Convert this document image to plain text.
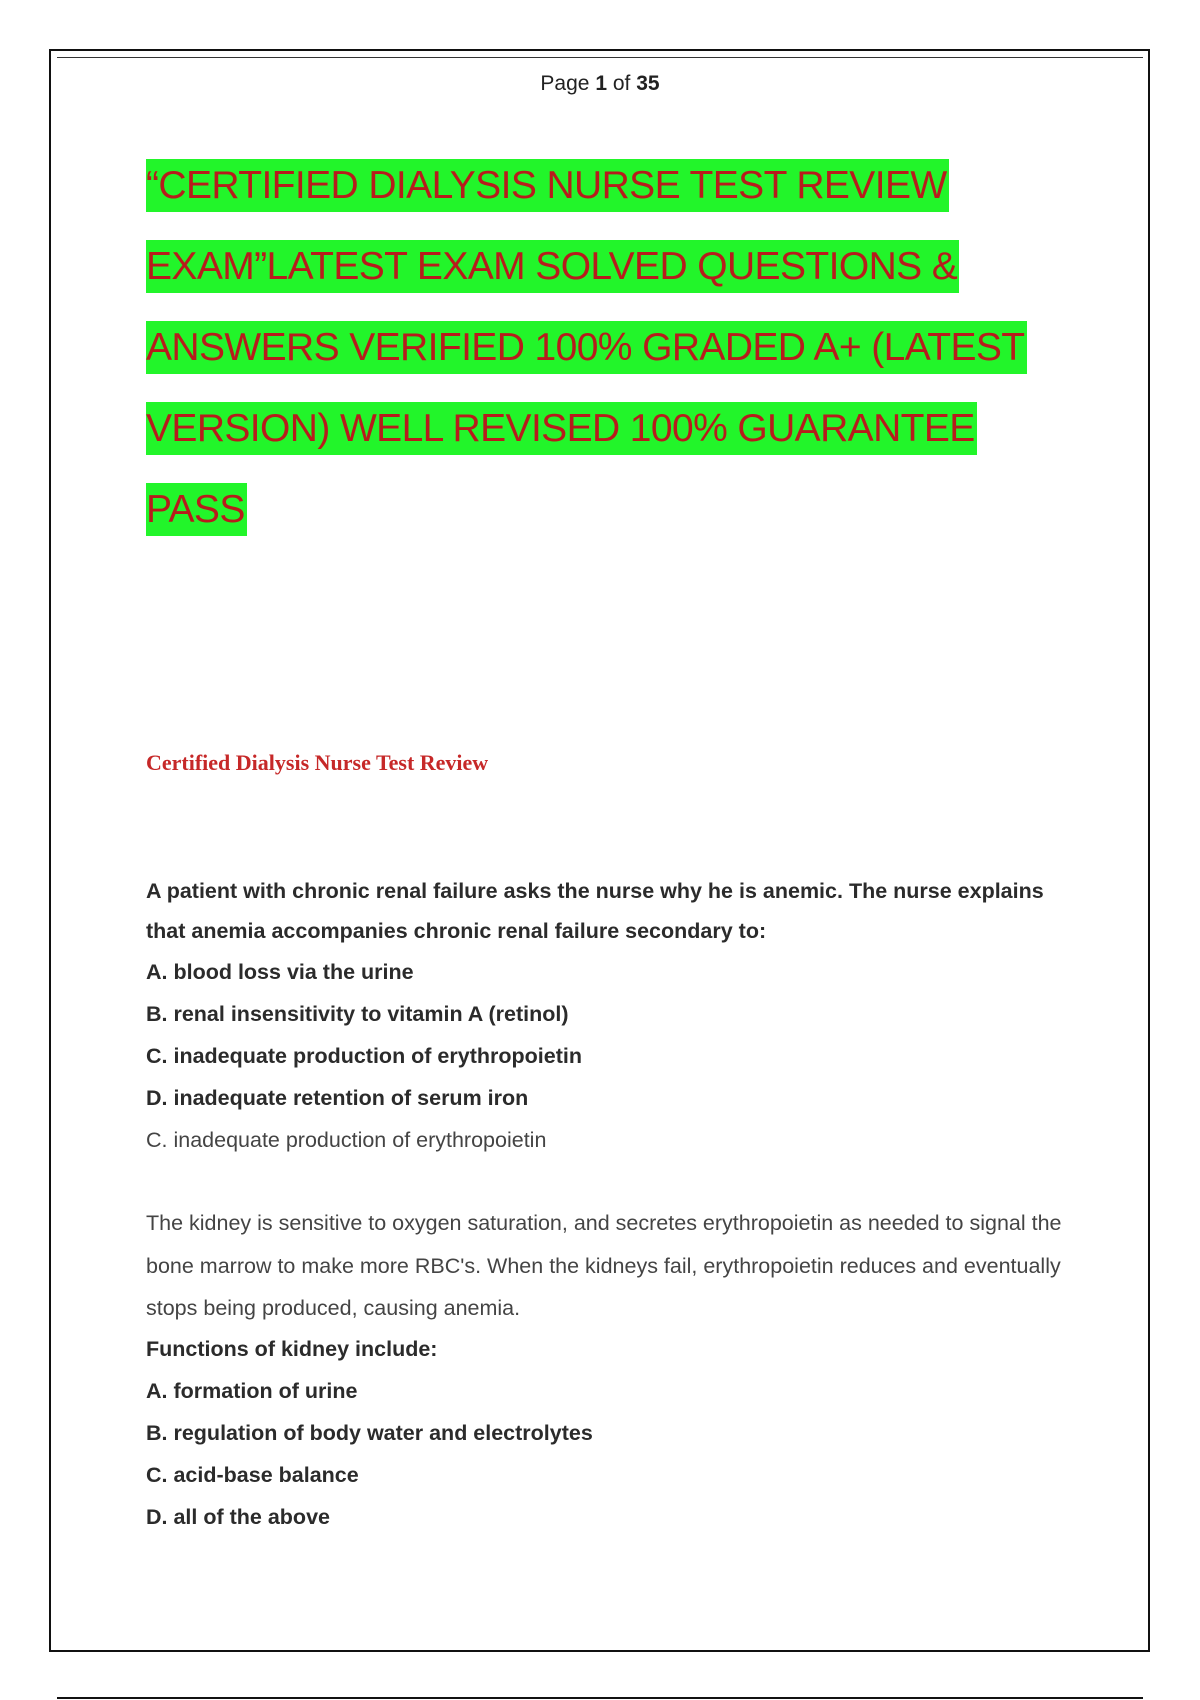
Page 1 of 35
“CERTIFIED DIALYSIS NURSE TEST REVIEW
EXAM”LATEST EXAM SOLVED QUESTIONS &
ANSWERS VERIFIED 100% GRADED A+ (LATEST
VERSION) WELL REVISED 100% GUARANTEE
PASS
Certified Dialysis Nurse Test Review
A patient with chronic renal failure asks the nurse why he is anemic. The nurse explains that anemia accompanies chronic renal failure secondary to:
A. blood loss via the urine
B. renal insensitivity to vitamin A (retinol)
C. inadequate production of erythropoietin
D. inadequate retention of serum iron
C. inadequate production of erythropoietin
The kidney is sensitive to oxygen saturation, and secretes erythropoietin as needed to signal the bone marrow to make more RBC's. When the kidneys fail, erythropoietin reduces and eventually stops being produced, causing anemia.
Functions of kidney include:
A. formation of urine
B. regulation of body water and electrolytes
C. acid-base balance
D. all of the above
